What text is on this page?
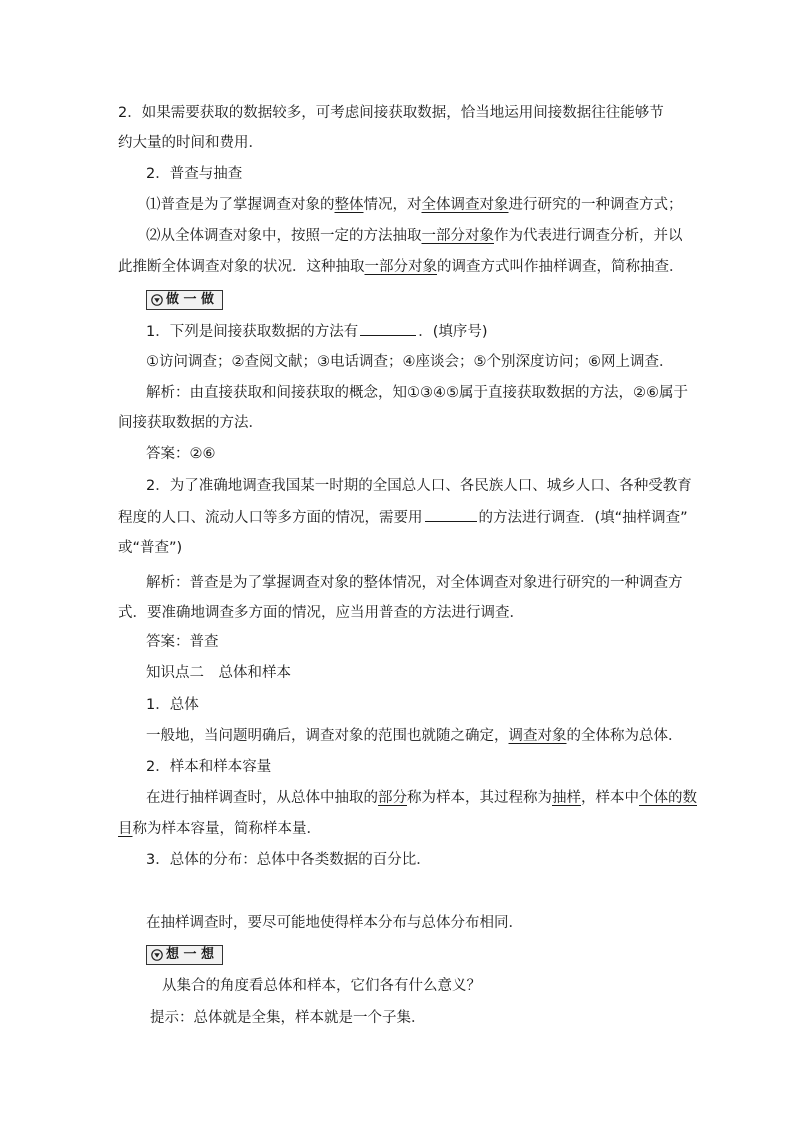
2．如果需要获取的数据较多，可考虑间接获取数据，恰当地运用间接数据往往能够节
约大量的时间和费用．
2．普查与抽查
⑴普查是为了掌握调查对象的整体情况，对全体调查对象进行研究的一种调查方式；
⑵从全体调查对象中，按照一定的方法抽取一部分对象作为代表进行调查分析，并以
此推断全体调查对象的状况．这种抽取一部分对象的调查方式叫作抽样调查，简称抽查．
做 一 做
1．下列是间接获取数据的方法有	．(填序号)
①访问调查；②查阅文献；③电话调查；④座谈会；⑤个别深度访问；⑥网上调查．
解析：由直接获取和间接获取的概念，知①③④⑤属于直接获取数据的方法，②⑥属于
间接获取数据的方法．
答案：②⑥
2．为了准确地调查我国某一时期的全国总人口、各民族人口、城乡人口、各种受教育
程度的人口、流动人口等多方面的情况，需要用	的方法进行调查．(填“抽样调查”
或“普查”)
解析：普查是为了掌握调查对象的整体情况，对全体调查对象进行研究的一种调查方
式．要准确地调查多方面的情况，应当用普查的方法进行调查．
答案：普查
知识点二　总体和样本
1．总体
一般地，当问题明确后，调查对象的范围也就随之确定，调查对象的全体称为总体．
2．样本和样本容量
在进行抽样调查时，从总体中抽取的部分称为样本，其过程称为抽样，样本中个体的数
目称为样本容量，简称样本量．
3．总体的分布：总体中各类数据的百分比．
在抽样调查时，要尽可能地使得样本分布与总体分布相同．
想 一 想
从集合的角度看总体和样本，它们各有什么意义？
提示：总体就是全集，样本就是一个子集．
